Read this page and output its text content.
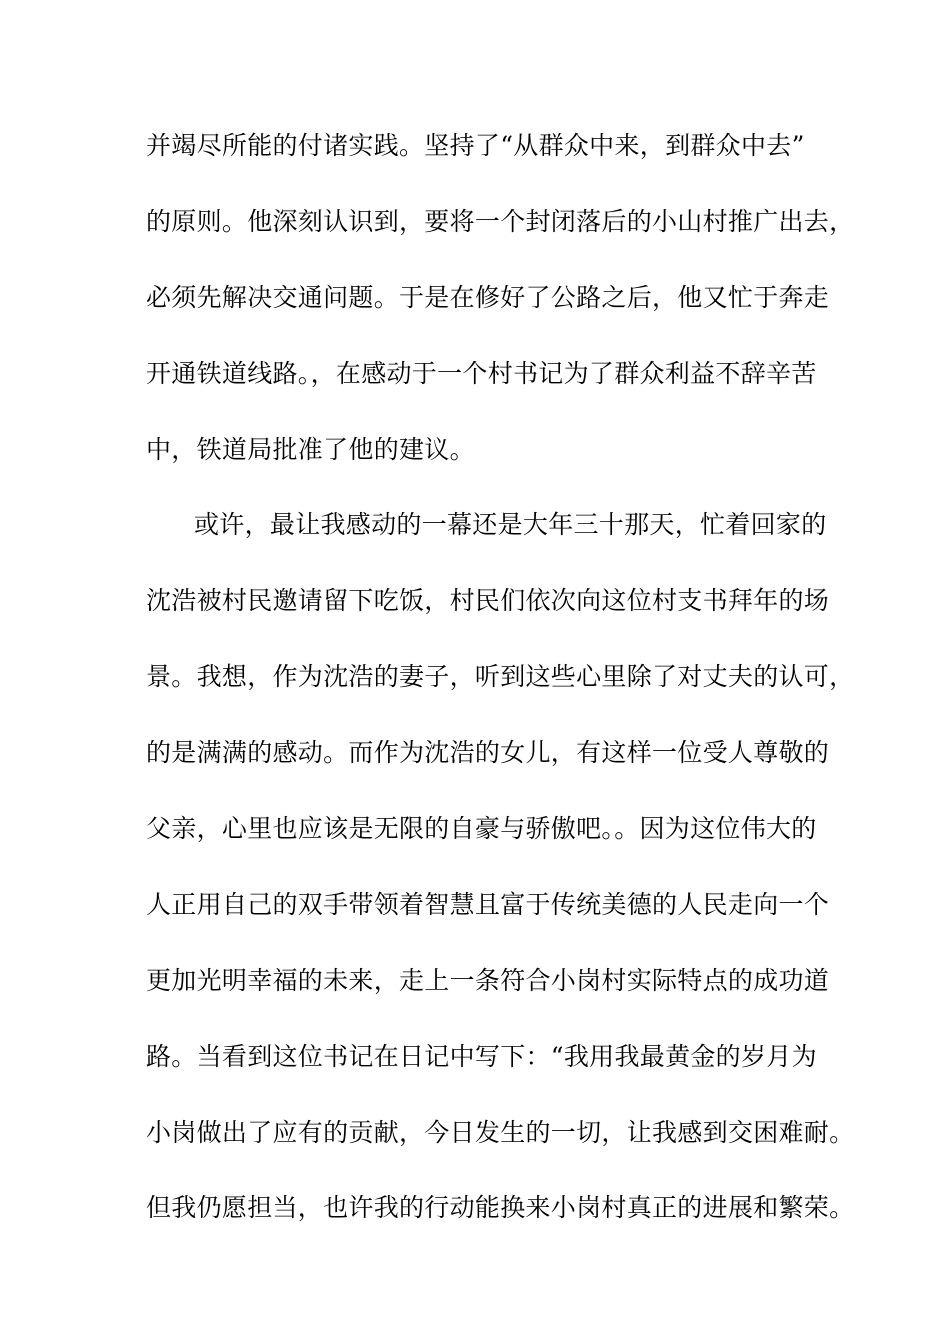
并竭尽所能的付诸实践。坚持了“从群众中来，到群众中去”
的原则。他深刻认识到，要将一个封闭落后的小山村推广出去，
必须先解决交通问题。于是在修好了公路之后，他又忙于奔走
开通铁道线路。，在感动于一个村书记为了群众利益不辞辛苦
中，铁道局批准了他的建议。
或许，最让我感动的一幕还是大年三十那天，忙着回家的
沈浩被村民邀请留下吃饭，村民们依次向这位村支书拜年的场
景。我想，作为沈浩的妻子，听到这些心里除了对丈夫的认可，
的是满满的感动。而作为沈浩的女儿，有这样一位受人尊敬的
父亲，心里也应该是无限的自豪与骄傲吧。。因为这位伟大的
人正用自己的双手带领着智慧且富于传统美德的人民走向一个
更加光明幸福的未来，走上一条符合小岗村实际特点的成功道
路。当看到这位书记在日记中写下：“我用我最黄金的岁月为
小岗做出了应有的贡献，今日发生的一切，让我感到交困难耐。
但我仍愿担当，也许我的行动能换来小岗村真正的进展和繁荣。
